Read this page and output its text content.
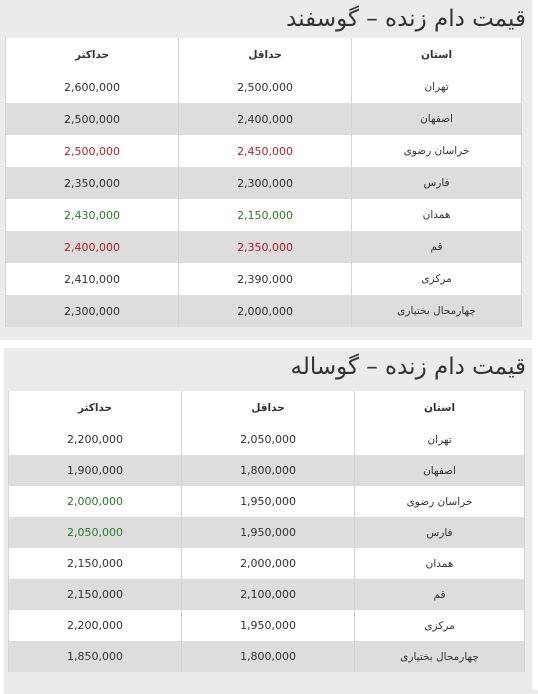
قیمت دام زنده – گوسفند
استان	حداقل	حداکثر
تهران	2,500,000	2,600,000
اصفهان	2,400,000	2,500,000
خراسان رضوی	2,450,000	2,500,000
فارس	2,300,000	2,350,000
همدان	2,150,000	2,430,000
قم	2,350,000	2,400,000
مرکزی	2,390,000	2,410,000
چهارمحال بختیاری	2,000,000	2,300,000
قیمت دام زنده – گوساله
استان	حداقل	حداکثر
تهران	2,050,000	2,200,000
اصفهان	1,800,000	1,900,000
خراسان رضوی	1,950,000	2,000,000
فارس	1,950,000	2,050,000
همدان	2,000,000	2,150,000
قم	2,100,000	2,150,000
مرکزی	1,950,000	2,200,000
چهارمحال بختیاری	1,800,000	1,850,000
